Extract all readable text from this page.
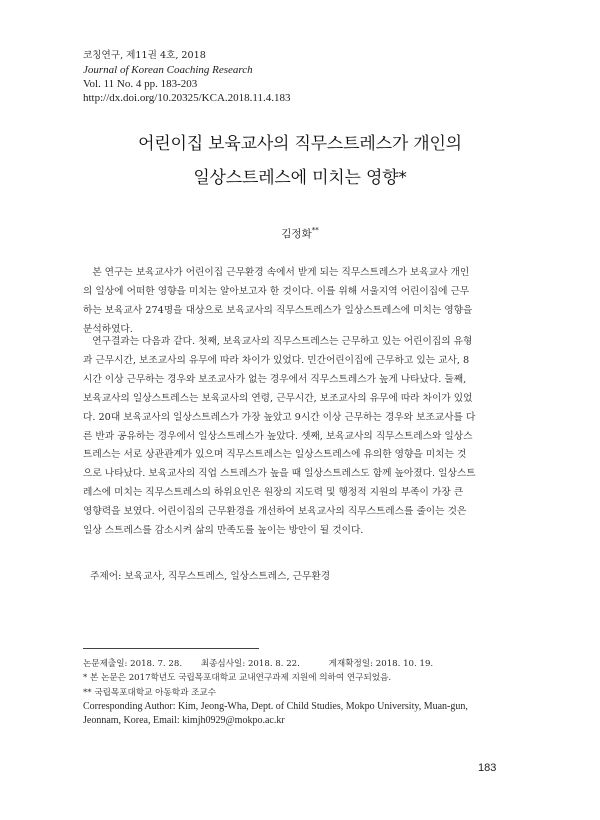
코칭연구, 제11권 4호, 2018
Journal of Korean Coaching Research
Vol. 11 No. 4 pp. 183-203
http://dx.doi.org/10.20325/KCA.2018.11.4.183
어린이집 보육교사의 직무스트레스가 개인의
일상스트레스에 미치는 영향*
김정화**
본 연구는 보육교사가 어린이집 근무환경 속에서 받게 되는 직무스트레스가 보육교사 개인
의 일상에 어떠한 영향을 미치는 알아보고자 한 것이다. 이를 위해 서울지역 어린이집에 근무
하는 보육교사 274명을 대상으로 보육교사의 직무스트레스가 일상스트레스에 미치는 영향을
분석하였다.
연구결과는 다음과 같다. 첫째, 보육교사의 직무스트레스는 근무하고 있는 어린이집의 유형
과 근무시간, 보조교사의 유무에 따라 차이가 있었다. 민간어린이집에 근무하고 있는 교사, 8
시간 이상 근무하는 경우와 보조교사가 없는 경우에서 직무스트레스가 높게 나타났다. 둘째,
보육교사의 일상스트레스는 보육교사의 연령, 근무시간, 보조교사의 유무에 따라 차이가 있었
다. 20대 보육교사의 일상스트레스가 가장 높았고 9시간 이상 근무하는 경우와 보조교사를 다
른 반과 공유하는 경우에서 일상스트레스가 높았다. 셋째, 보육교사의 직무스트레스와 일상스
트레스는 서로 상관관계가 있으며 직무스트레스는 일상스트레스에 유의한 영향을 미치는 것
으로 나타났다. 보육교사의 직업 스트레스가 높을 때 일상스트레스도 함께 높아졌다. 일상스트
레스에 미치는 직무스트레스의 하위요인은 원장의 지도력 및 행정적 지원의 부족이 가장 큰
영향력을 보였다. 어린이집의 근무환경을 개선하여 보육교사의 직무스트레스를 줄이는 것은
일상 스트레스를 감소시켜 삶의 만족도를 높이는 방안이 될 것이다.
주제어: 보육교사, 직무스트레스, 일상스트레스, 근무환경
논문제출일: 2018. 7. 28. 최종심사일: 2018. 8. 22.	게재확정일: 2018. 10. 19.
* 본 논문은 2017학년도 국립목포대학교 교내연구과제 지원에 의하여 연구되었음.
** 국립목포대학교 아동학과 조교수
Corresponding Author: Kim, Jeong-Wha, Dept. of Child Studies, Mokpo University, Muan-gun,
Jeonnam, Korea, Email: kimjh0929@mokpo.ac.kr
183
